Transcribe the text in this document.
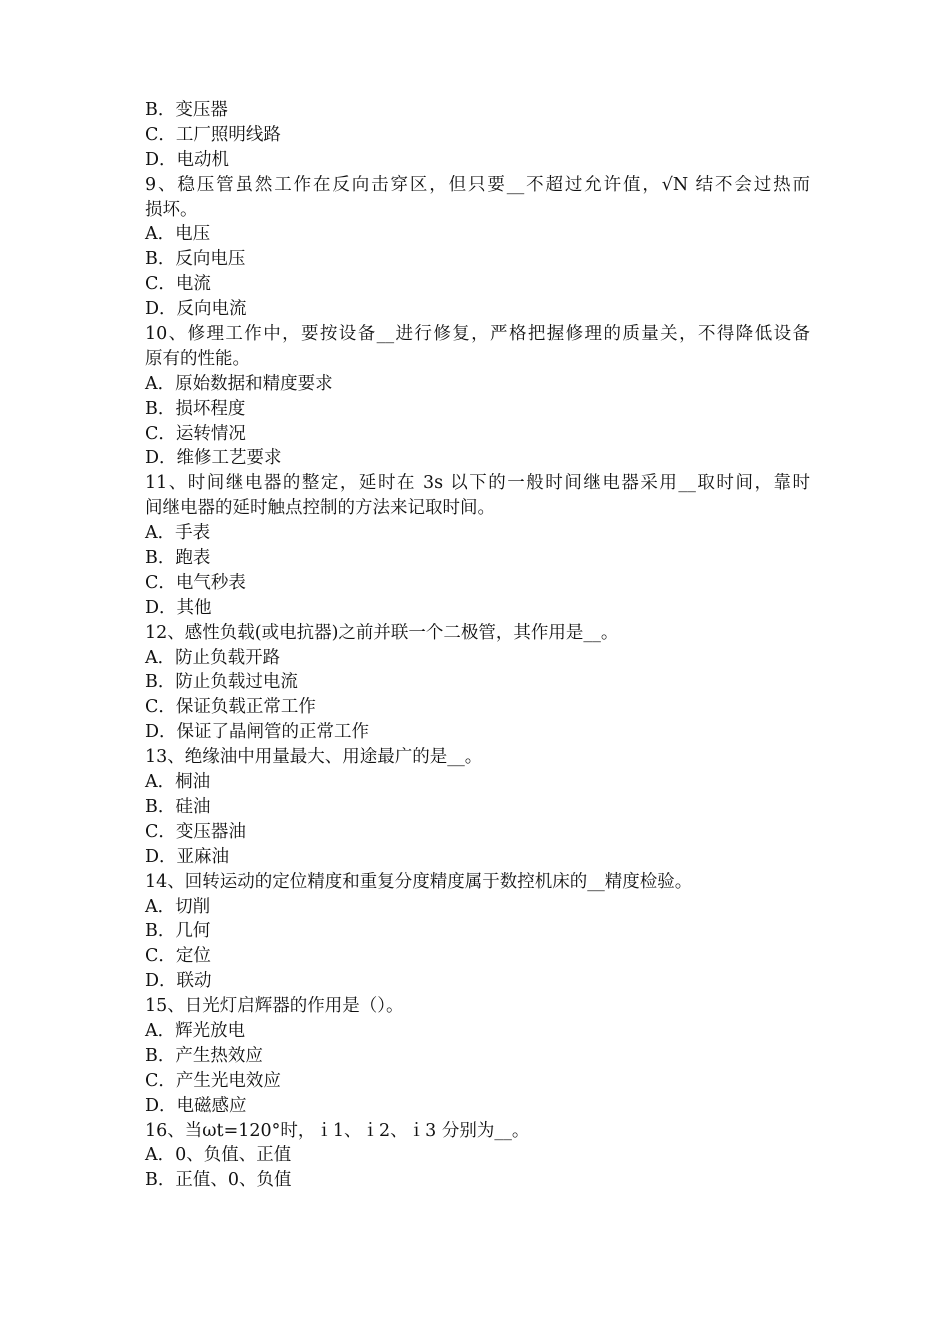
B．变压器
C．工厂照明线路
D．电动机
9、稳压管虽然工作在反向击穿区，但只要__不超过允许值，√N 结不会过热而
损坏。
A．电压
B．反向电压
C．电流
D．反向电流
10、修理工作中，要按设备__进行修复，严格把握修理的质量关，不得降低设备
原有的性能。
A．原始数据和精度要求
B．损坏程度
C．运转情况
D．维修工艺要求
11、时间继电器的整定，延时在 3s 以下的一般时间继电器采用__取时间，靠时
间继电器的延时触点控制的方法来记取时间。
A．手表
B．跑表
C．电气秒表
D．其他
12、感性负载(或电抗器)之前并联一个二极管，其作用是__。
A．防止负载开路
B．防止负载过电流
C．保证负载正常工作
D．保证了晶闸管的正常工作
13、绝缘油中用量最大、用途最广的是__。
A．桐油
B．硅油
C．变压器油
D．亚麻油
14、回转运动的定位精度和重复分度精度属于数控机床的__精度检验。
A．切削
B．几何
C．定位
D．联动
15、日光灯启辉器的作用是（）。
A．辉光放电
B．产生热效应
C．产生光电效应
D．电磁感应
16、当ωt=120°时，ｉ1、ｉ2、ｉ3 分别为__。
A．0、负值、正值
B．正值、0、负值
